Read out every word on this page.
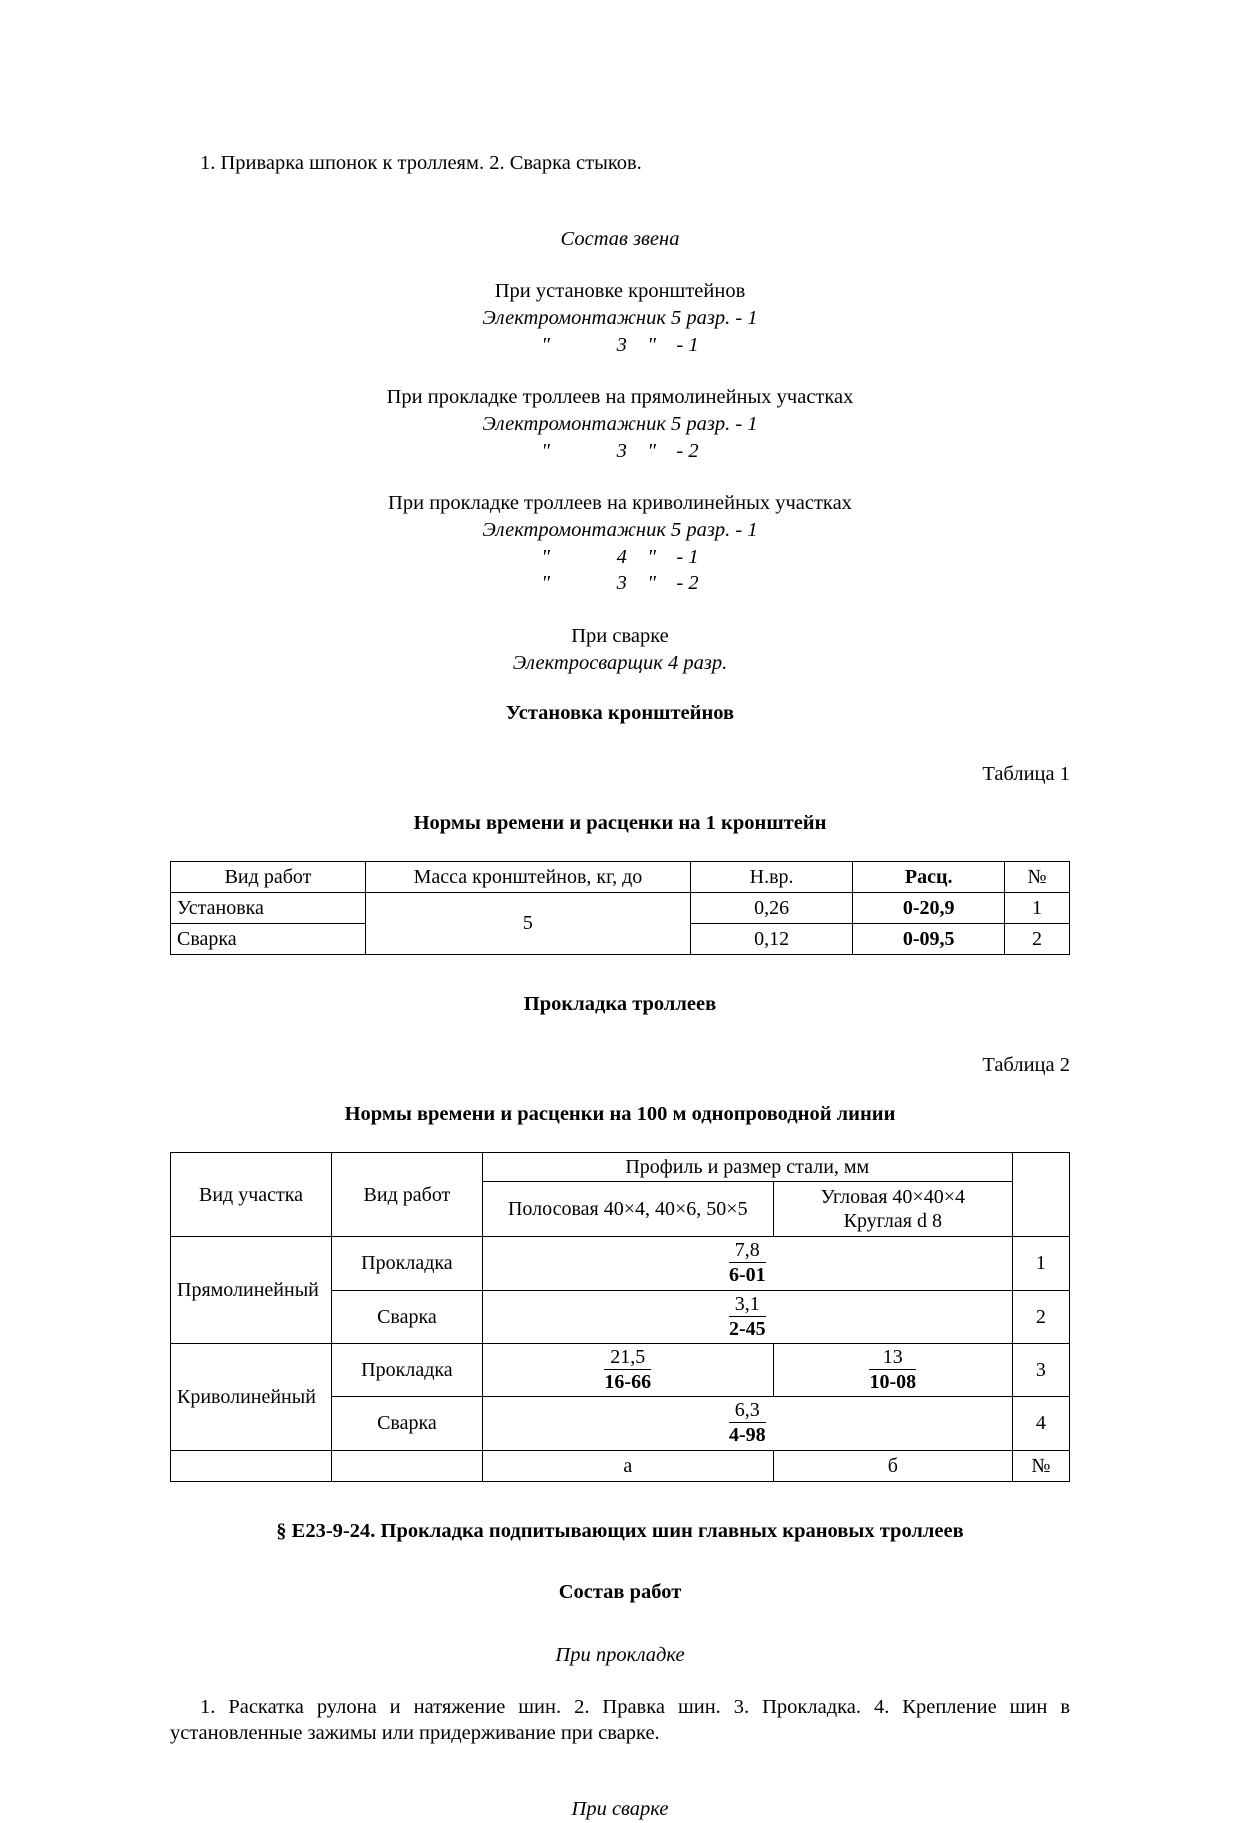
1. Приварка шпонок к троллеям. 2. Сварка стыков.

Состав звена

При установке кронштейнов
Электромонтажник 5 разр. - 1
"             3    "    - 1
При прокладке троллеев на прямолинейных участках
Электромонтажник 5 разр. - 1
"             3    "    - 2
При прокладке троллеев на криволинейных участках
Электромонтажник 5 разр. - 1
"             4    "    - 1
"             3    "    - 2
При сварке
Электросварщик 4 разр.

Установка кронштейнов

Таблица 1

Нормы времени и расценки на 1 кронштейн

Вид работ	Масса кронштейнов, кг, до	Н.вр.	Расц.	№
Установка	5	0,26	0-20,9	1
Сварка		0,12	0-09,5	2

Прокладка троллеев

Таблица 2

Нормы времени и расценки на 100 м однопроводной линии

Вид участка	Вид работ	Профиль и размер стали, мм		
		Полосовая 40×4, 40×6, 50×5	Угловая 40×40×4
Круглая d 8	
Прямолинейный	Прокладка	$\frac{7,8}{6-01}$		1
	Сварка	$\frac{3,1}{2-45}$		2
Криволинейный	Прокладка	$\frac{21,5}{16-66}$	$\frac{13}{10-08}$	3
	Сварка	$\frac{6,3}{4-98}$		4
		а	б	№

§ Е23-9-24. Прокладка подпитывающих шин главных крановых троллеев

Состав работ

При прокладке

1. Раскатка рулона и натяжение шин. 2. Правка шин. 3. Прокладка. 4. Крепление шин в установленные зажимы или придерживание при сварке.

При сварке
